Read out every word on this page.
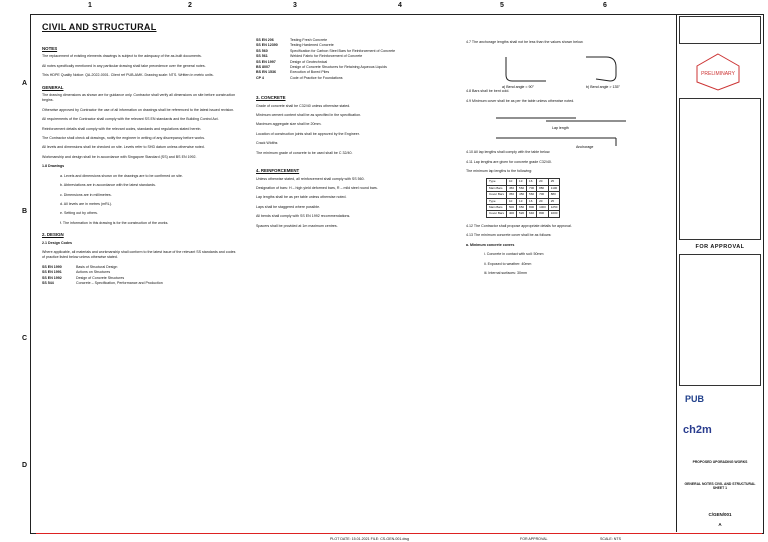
1	2	3	4	5	6
A
B
C
D
CIVIL AND STRUCTURAL
NOTES

The replacement of existing elements drawings is subject to the adequacy of the as-built documents.

All notes specifically mentioned in any particular drawing shall take precedence over the general notes.

This HDPE Quality Notice: QA-2022-0001. Client ref PUB-AMK. Drawing scale: NTS. Written in metric units.

GENERAL

The drawing dimensions as shown are for guidance only. Contractor shall verify all dimensions on site before construction begins.

Otherwise approved by Contractor the use of all information on drawings shall be referenced to the latest issued revision.

All requirements of the Contractor shall comply with the relevant SS EN standards and the Building Control Act.

Reinforcement details shall comply with the relevant codes, standards and regulations stated herein.

The Contractor shall check all drawings, notify the engineer in writing of any discrepancy before works.

All levels and dimensions shall be checked on site. Levels refer to SHD datum unless otherwise noted.

Workmanship and design shall be in accordance with Singapore Standard (SS) and BS EN 1992.

1.8 Drawings

a. Levels and dimensions shown on the drawings are to be confirmed on site.

b. Abbreviations are in accordance with the latest standards.

c. Dimensions are in millimetres.

d. All levels are in metres (mRL).

e. Setting out by others.

f. The information in this drawing is for the construction of the works.

2. DESIGN

2.1 Design Codes

Where applicable, all materials and workmanship shall conform to the latest issue of the relevant SS standards and codes of practice listed below unless otherwise stated.

SS EN 1990	Basis of Structural Design
SS EN 1991	Actions on Structures
SS EN 1992	Design of Concrete Structures
SS 544	Concrete – Specification, Performance and Production
SS EN 206	Testing Fresh Concrete
SS EN 12390	Testing Hardened Concrete
SS 560	Specification for Carbon Steel Bars for Reinforcement of Concrete
SS 561	Welded Fabric for Reinforcement of Concrete
SS EN 1997	Design of Geotechnical
BS 8007	Design of Concrete Structures for Retaining Aqueous Liquids
BS EN 1536	Execution of Bored Piles
CP 4	Code of Practice for Foundations
3. CONCRETE

Grade of concrete shall be C32/40 unless otherwise stated.

Minimum cement content shall be as specified in the specification.

Maximum aggregate size shall be 20mm.

Location of construction joints shall be approved by the Engineer.

Crack Widths

The minimum grade of concrete to be used shall be C 32/40.

4. REINFORCEMENT

Unless otherwise stated, all reinforcement shall comply with SS 560.

Designation of bars: H – high yield deformed bars, R – mild steel round bars.

Lap lengths shall be as per table unless otherwise noted.

Laps shall be staggered where possible.

All bends shall comply with SS EN 1992 recommendations.

Spacers shall be provided at 1m maximum centres.

4.7 The anchorage lengths shall not be less than the values shown below.

a) Bend angle = 90°	b) Bend angle > 135°

4.8 Bars shall be bent cold.

4.9 Minimum cover shall be as per the table unless otherwise noted.

Lap length
Anchorage

4.10 All lap lengths shall comply with the table below.

4.11 Lap lengths are given for concrete grade C32/40.

The minimum lap lengths to the following:

Type	10	13	16	20	25
Main Bars	450	560	700	880	1100
Cover Bars	350	450	560	700	880
Type	10	13	16	20	25
Main Bars	500	650	800	1000	1250
Cover Bars	400	520	640	800	1000

4.12 The Contractor shall propose appropriate details for approval.

4.13 The minimum concrete cover shall be as follows:

a. Minimum concrete covers

i. Concrete in contact with soil: 50mm

ii. Exposed to weather: 40mm

iii. Internal surfaces: 30mm

PRELIMINARY
FOR APPROVAL
PUB
ch2m
PROPOSED UPGRADING WORKS
GENERAL NOTES CIVIL AND STRUCTURAL SHEET 1
C/GEN/001
A
PLOT DATE: 15.01.2021 FILE: CS-GEN-001.dwg	FOR APPROVAL	SCALE: NTS
